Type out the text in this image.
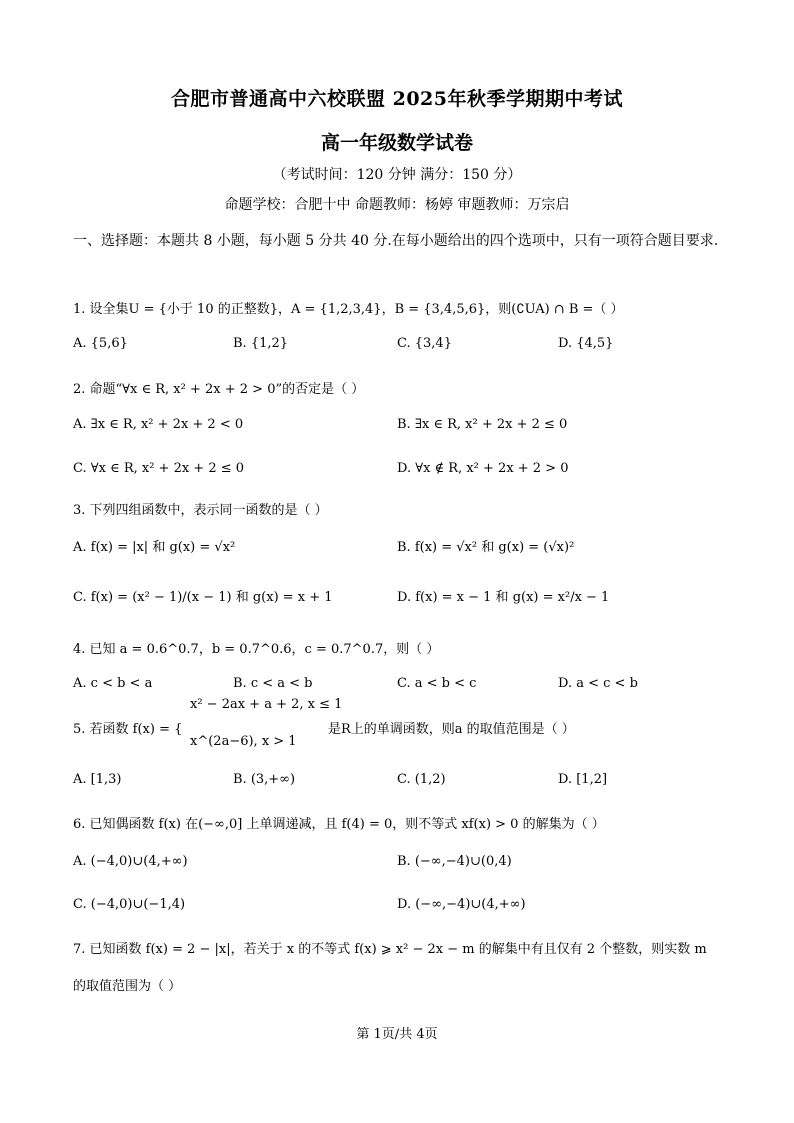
合肥市普通高中六校联盟 2025年秋季学期期中考试
高一年级数学试卷
（考试时间：120 分钟 满分：150 分）
命题学校：合肥十中 命题教师：杨婷 审题教师：万宗启
一、选择题：本题共 8 小题，每小题 5 分共 40 分.在每小题给出的四个选项中，只有一项符合题目要求.
1. 设全集U = {小于 10 的正整数}，A = {1,2,3,4}，B = {3,4,5,6}，则(∁UA) ∩ B =（ ）
A. {5,6}	B. {1,2}	C. {3,4}	D. {4,5}
2. 命题“∀x ∈ R, x² + 2x + 2 > 0”的否定是（ ）
A. ∃x ∈ R, x² + 2x + 2 < 0	B. ∃x ∈ R, x² + 2x + 2 ≤ 0
C. ∀x ∈ R, x² + 2x + 2 ≤ 0	D. ∀x ∉ R, x² + 2x + 2 > 0
3. 下列四组函数中，表示同一函数的是（ ）
A. f(x) = |x| 和 g(x) = √x²	B. f(x) = √x² 和 g(x) = (√x)²
C. f(x) = (x² − 1)/(x − 1) 和 g(x) = x + 1	D. f(x) = x − 1 和 g(x) = x²/x − 1
4. 已知 a = 0.6^0.7，b = 0.7^0.6，c = 0.7^0.7，则（ ）
A. c < b < a	B. c < a < b	C. a < b < c	D. a < c < b
5. 若函数 f(x) = {
x² − 2ax + a + 2, x ≤ 1
x^(2a−6), x > 1
是R上的单调函数，则a 的取值范围是（ ）
A. [1,3)	B. (3,+∞)	C. (1,2)	D. [1,2]
6. 已知偶函数 f(x) 在(−∞,0] 上单调递减，且 f(4) = 0，则不等式 xf(x) > 0 的解集为（ ）
A. (−4,0)∪(4,+∞)	B. (−∞,−4)∪(0,4)
C. (−4,0)∪(−1,4)	D. (−∞,−4)∪(4,+∞)
7. 已知函数 f(x) = 2 − |x|，若关于 x 的不等式 f(x) ⩾ x² − 2x − m 的解集中有且仅有 2 个整数，则实数 m
的取值范围为（ ）
第 1页/共 4页
